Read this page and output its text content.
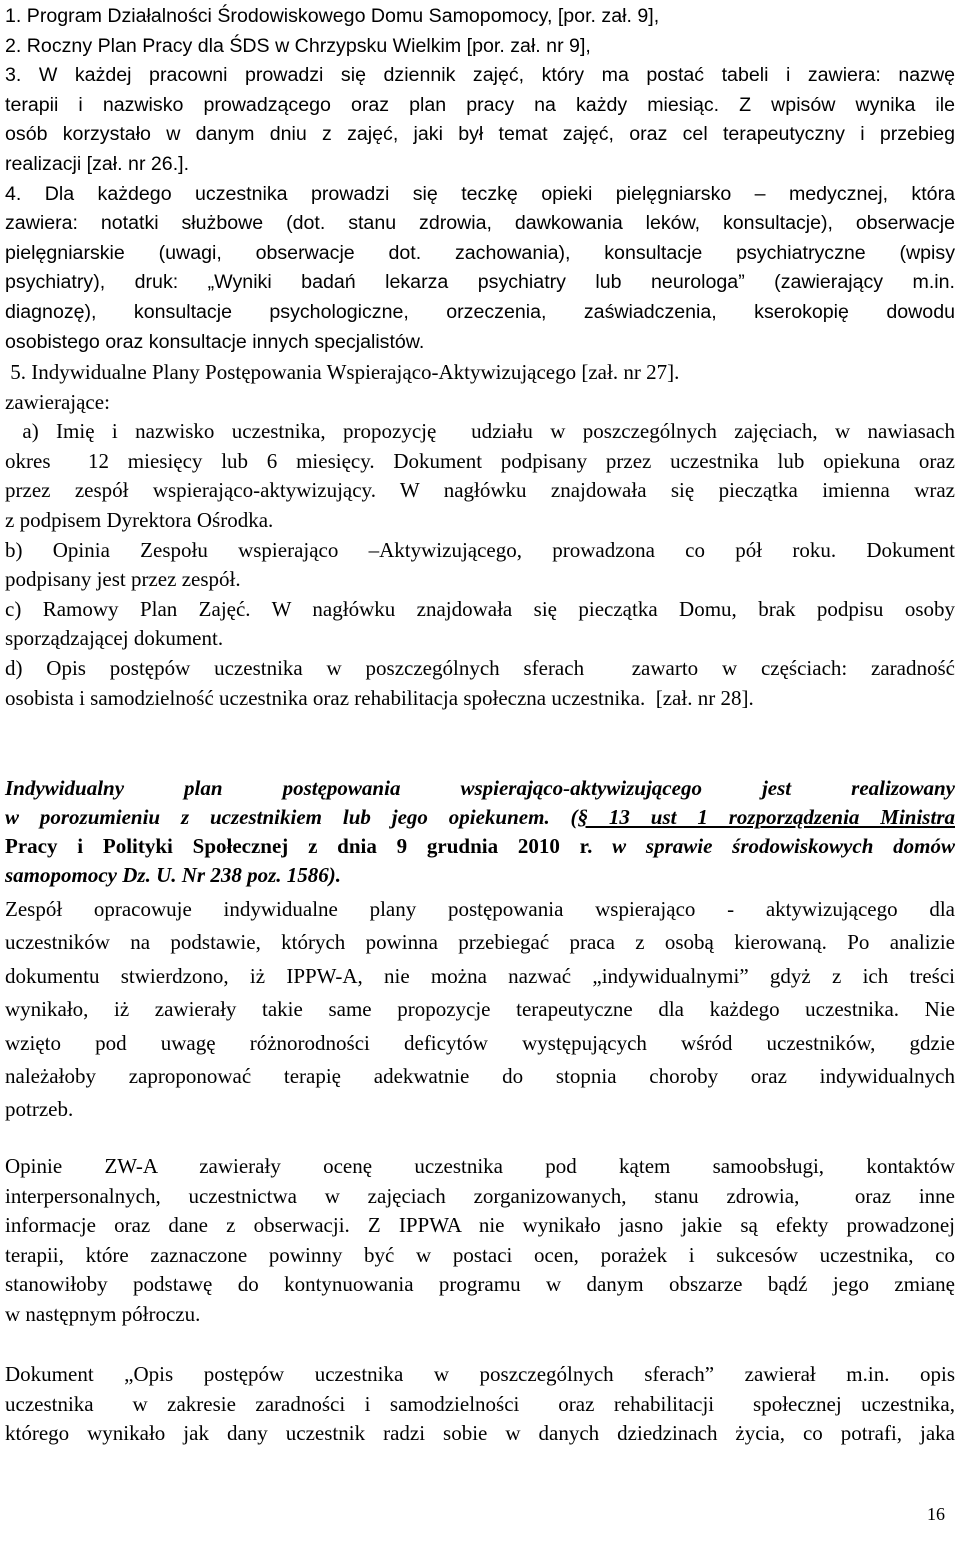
1. Program Działalności Środowiskowego Domu Samopomocy, [por. zał. 9],
2. Roczny Plan Pracy dla ŚDS w Chrzypsku Wielkim [por. zał. nr 9],
3. W każdej pracowni prowadzi się dziennik zajęć, który ma postać tabeli i zawiera: nazwę
terapii i nazwisko prowadzącego oraz plan pracy na każdy miesiąc. Z wpisów wynika ile
osób korzystało w danym dniu z zajęć, jaki był temat zajęć, oraz cel terapeutyczny i przebieg
realizacji [zał. nr 26.].
4. Dla każdego uczestnika prowadzi się teczkę opieki pielęgniarsko – medycznej, która
zawiera: notatki służbowe (dot. stanu zdrowia, dawkowania leków, konsultacje), obserwacje
pielęgniarskie (uwagi, obserwacje dot. zachowania), konsultacje psychiatryczne (wpisy
psychiatry), druk: „Wyniki badań lekarza psychiatry lub neurologa” (zawierający m.in.
diagnozę), konsultacje psychologiczne, orzeczenia, zaświadczenia, kserokopię dowodu
osobistego oraz konsultacje innych specjalistów.
5. Indywidualne Plany Postępowania Wspierająco-Aktywizującego [zał. nr 27].
zawierające:
a) Imię i nazwisko uczestnika, propozycję  udziału w poszczególnych zajęciach, w nawiasach
okres  12 miesięcy lub 6 miesięcy. Dokument podpisany przez uczestnika lub opiekuna oraz
przez zespół wspierająco-aktywizujący. W nagłówku znajdowała się pieczątka imienna wraz
z podpisem Dyrektora Ośrodka.
b) Opinia Zespołu wspierająco –Aktywizującego, prowadzona co pół roku. Dokument
podpisany jest przez zespół.
c) Ramowy Plan Zajęć. W nagłówku znajdowała się pieczątka Domu, brak podpisu osoby
sporządzającej dokument.
d) Opis postępów uczestnika w poszczególnych sferach  zawarto w częściach: zaradność
osobista i samodzielność uczestnika oraz rehabilitacja społeczna uczestnika.  [zał. nr 28].
Indywidualny plan postępowania wspierająco-aktywizującego jest realizowany
w porozumieniu z uczestnikiem lub jego opiekunem. (§ 13 ust 1 rozporządzenia Ministra
Pracy i Polityki Społecznej z dnia 9 grudnia 2010 r. w sprawie środowiskowych domów
samopomocy Dz. U. Nr 238 poz. 1586).
Zespół opracowuje indywidualne plany postępowania wspierająco - aktywizującego dla
uczestników na podstawie, których powinna przebiegać praca z osobą kierowaną. Po analizie
dokumentu stwierdzono, iż IPPW-A, nie można nazwać „indywidualnymi” gdyż z ich treści
wynikało, iż zawierały takie same propozycje terapeutyczne dla każdego uczestnika. Nie
wzięto pod uwagę różnorodności deficytów występujących wśród uczestników, gdzie
należałoby zaproponować terapię adekwatnie do stopnia choroby oraz indywidualnych
potrzeb.
Opinie ZW-A zawierały ocenę uczestnika pod kątem samoobsługi, kontaktów
interpersonalnych, uczestnictwa w zajęciach zorganizowanych, stanu zdrowia,  oraz inne
informacje oraz dane z obserwacji. Z IPPWA nie wynikało jasno jakie są efekty prowadzonej
terapii, które zaznaczone powinny być w postaci ocen, porażek i sukcesów uczestnika, co
stanowiłoby podstawę do kontynuowania programu w danym obszarze bądź jego zmianę
w następnym półroczu.
Dokument „Opis postępów uczestnika w poszczególnych sferach” zawierał m.in. opis
uczestnika  w zakresie zaradności i samodzielności  oraz rehabilitacji  społecznej uczestnika,
którego wynikało jak dany uczestnik radzi sobie w danych dziedzinach życia, co potrafi, jaka
16
